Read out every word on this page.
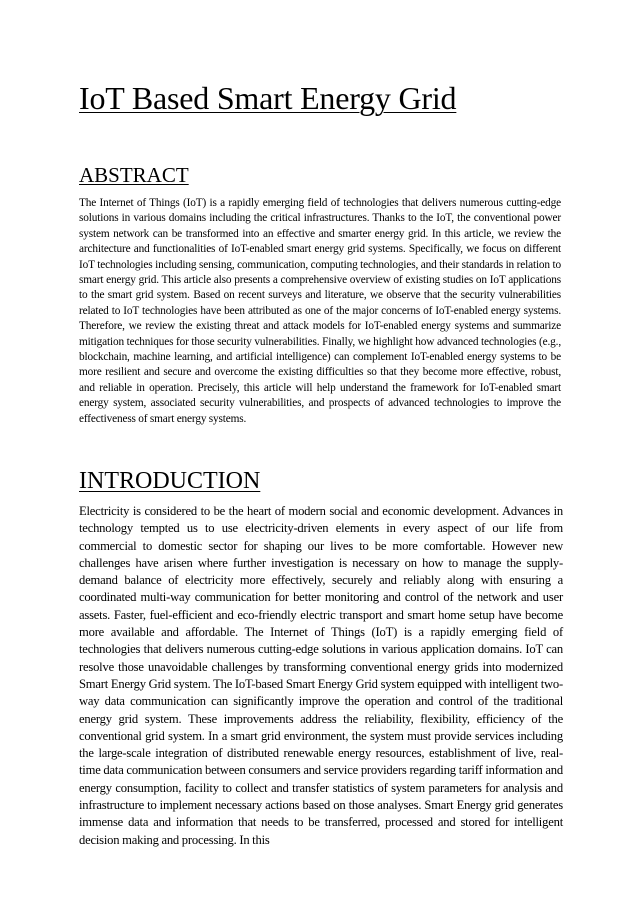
IoT Based Smart Energy Grid
ABSTRACT

The Internet of Things (IoT) is a rapidly emerging field of technologies that delivers numerous cutting-edge solutions in various domains including the critical infrastructures. Thanks to the IoT, the conventional power system network can be transformed into an effective and smarter energy grid. In this article, we review the architecture and functionalities of IoT-enabled smart energy grid systems. Specifically, we focus on different IoT technologies including sensing, communication, computing technologies, and their standards in relation to smart energy grid. This article also presents a comprehensive overview of existing studies on IoT applications to the smart grid system. Based on recent surveys and literature, we observe that the security vulnerabilities related to IoT technologies have been attributed as one of the major concerns of IoT-enabled energy systems. Therefore, we review the existing threat and attack models for IoT-enabled energy systems and summarize mitigation techniques for those security vulnerabilities. Finally, we highlight how advanced technologies (e.g., blockchain, machine learning, and artificial intelligence) can complement IoT-enabled energy systems to be more resilient and secure and overcome the existing difficulties so that they become more effective, robust, and reliable in operation. Precisely, this article will help understand the framework for IoT-enabled smart energy system, associated security vulnerabilities, and prospects of advanced technologies to improve the effectiveness of smart energy systems.

INTRODUCTION

Electricity is considered to be the heart of modern social and economic development. Advances in technology tempted us to use electricity-driven elements in every aspect of our life from commercial to domestic sector for shaping our lives to be more comfortable. However new challenges have arisen where further investigation is necessary on how to manage the supply-demand balance of electricity more effectively, securely and reliably along with ensuring a coordinated multi-way communication for better monitoring and control of the network and user assets. Faster, fuel-efficient and eco-friendly electric transport and smart home setup have become more available and affordable. The Internet of Things (IoT) is a rapidly emerging field of technologies that delivers numerous cutting-edge solutions in various application domains. IoT can resolve those unavoidable challenges by transforming conventional energy grids into modernized Smart Energy Grid system. The IoT-based Smart Energy Grid system equipped with intelligent two-way data communication can significantly improve the operation and control of the traditional energy grid system. These improvements address the reliability, flexibility, efficiency of the conventional grid system. In a smart grid environment, the system must provide services including the large-scale integration of distributed renewable energy resources, establishment of live, real-time data communication between consumers and service providers regarding tariff information and energy consumption, facility to collect and transfer statistics of system parameters for analysis and infrastructure to implement necessary actions based on those analyses. Smart Energy grid generates immense data and information that needs to be transferred, processed and stored for intelligent decision making and processing. In this
